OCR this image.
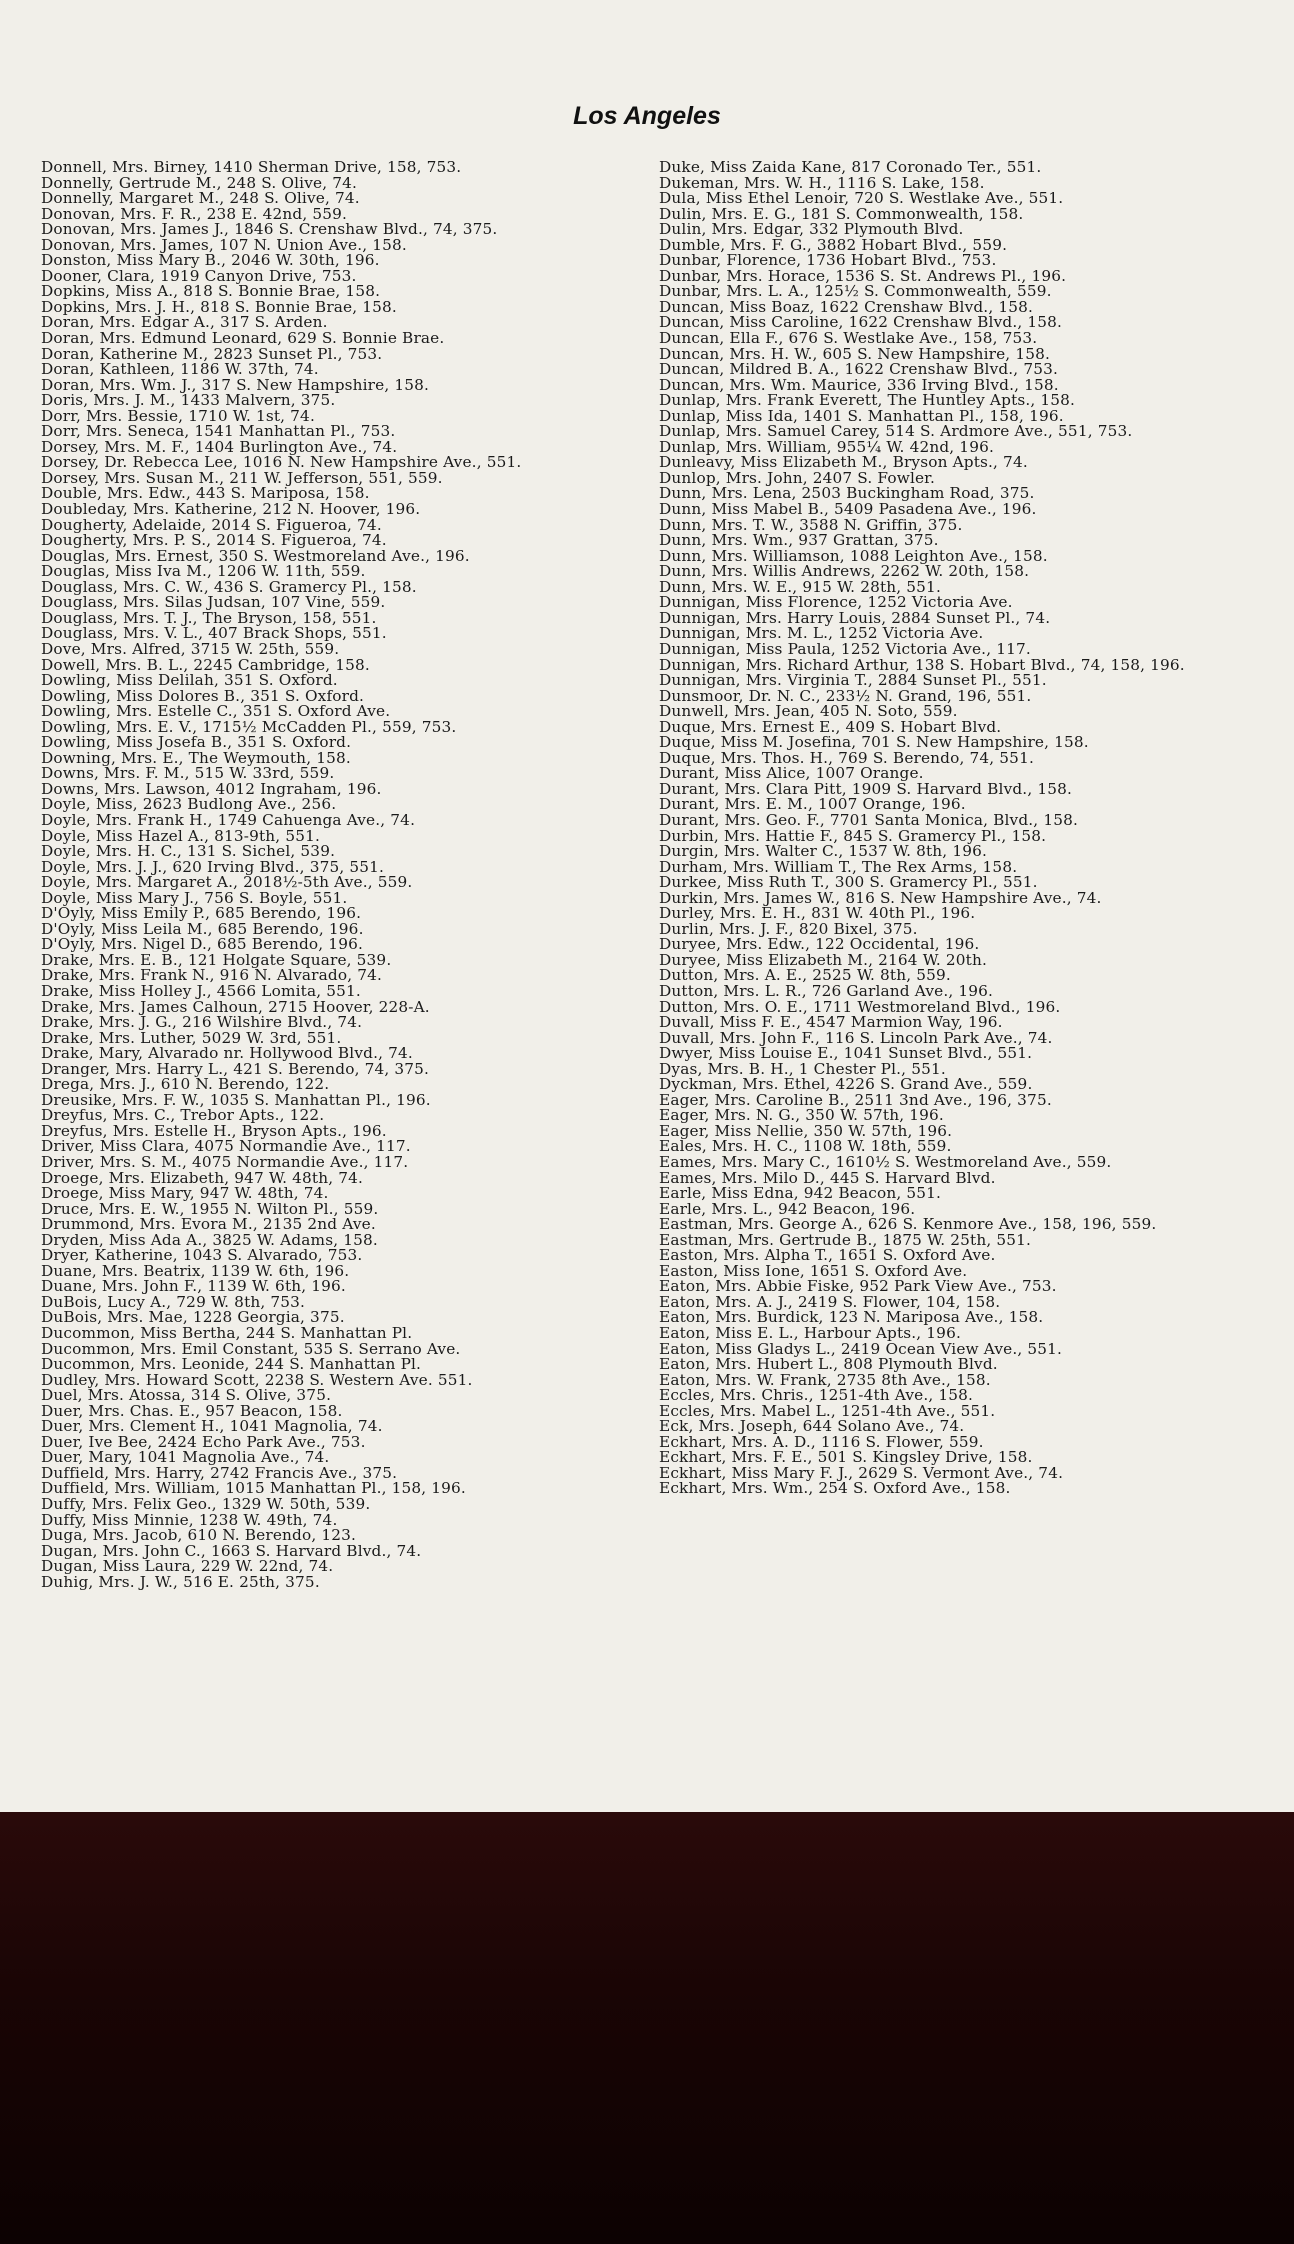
Los Angeles
Donnell, Mrs. Birney, 1410 Sherman Drive, 158, 753.
Donnelly, Gertrude M., 248 S. Olive, 74.
Donnelly, Margaret M., 248 S. Olive, 74.
Donovan, Mrs. F. R., 238 E. 42nd, 559.
Donovan, Mrs. James J., 1846 S. Crenshaw Blvd., 74, 375.
Donovan, Mrs. James, 107 N. Union Ave., 158.
Donston, Miss Mary B., 2046 W. 30th, 196.
Dooner, Clara, 1919 Canyon Drive, 753.
Dopkins, Miss A., 818 S. Bonnie Brae, 158.
Dopkins, Mrs. J. H., 818 S. Bonnie Brae, 158.
Doran, Mrs. Edgar A., 317 S. Arden.
Doran, Mrs. Edmund Leonard, 629 S. Bonnie Brae.
Doran, Katherine M., 2823 Sunset Pl., 753.
Doran, Kathleen, 1186 W. 37th, 74.
Doran, Mrs. Wm. J., 317 S. New Hampshire, 158.
Doris, Mrs. J. M., 1433 Malvern, 375.
Dorr, Mrs. Bessie, 1710 W. 1st, 74.
Dorr, Mrs. Seneca, 1541 Manhattan Pl., 753.
Dorsey, Mrs. M. F., 1404 Burlington Ave., 74.
Dorsey, Dr. Rebecca Lee, 1016 N. New Hampshire Ave., 551.
Dorsey, Mrs. Susan M., 211 W. Jefferson, 551, 559.
Double, Mrs. Edw., 443 S. Mariposa, 158.
Doubleday, Mrs. Katherine, 212 N. Hoover, 196.
Dougherty, Adelaide, 2014 S. Figueroa, 74.
Dougherty, Mrs. P. S., 2014 S. Figueroa, 74.
Douglas, Mrs. Ernest, 350 S. Westmoreland Ave., 196.
Douglas, Miss Iva M., 1206 W. 11th, 559.
Douglass, Mrs. C. W., 436 S. Gramercy Pl., 158.
Douglass, Mrs. Silas Judsan, 107 Vine, 559.
Douglass, Mrs. T. J., The Bryson, 158, 551.
Douglass, Mrs. V. L., 407 Brack Shops, 551.
Dove, Mrs. Alfred, 3715 W. 25th, 559.
Dowell, Mrs. B. L., 2245 Cambridge, 158.
Dowling, Miss Delilah, 351 S. Oxford.
Dowling, Miss Dolores B., 351 S. Oxford.
Dowling, Mrs. Estelle C., 351 S. Oxford Ave.
Dowling, Mrs. E. V., 1715½ McCadden Pl., 559, 753.
Dowling, Miss Josefa B., 351 S. Oxford.
Downing, Mrs. E., The Weymouth, 158.
Downs, Mrs. F. M., 515 W. 33rd, 559.
Downs, Mrs. Lawson, 4012 Ingraham, 196.
Doyle, Miss, 2623 Budlong Ave., 256.
Doyle, Mrs. Frank H., 1749 Cahuenga Ave., 74.
Doyle, Miss Hazel A., 813-9th, 551.
Doyle, Mrs. H. C., 131 S. Sichel, 539.
Doyle, Mrs. J. J., 620 Irving Blvd., 375, 551.
Doyle, Mrs. Margaret A., 2018½-5th Ave., 559.
Doyle, Miss Mary J., 756 S. Boyle, 551.
D'Oyly, Miss Emily P., 685 Berendo, 196.
D'Oyly, Miss Leila M., 685 Berendo, 196.
D'Oyly, Mrs. Nigel D., 685 Berendo, 196.
Drake, Mrs. E. B., 121 Holgate Square, 539.
Drake, Mrs. Frank N., 916 N. Alvarado, 74.
Drake, Miss Holley J., 4566 Lomita, 551.
Drake, Mrs. James Calhoun, 2715 Hoover, 228-A.
Drake, Mrs. J. G., 216 Wilshire Blvd., 74.
Drake, Mrs. Luther, 5029 W. 3rd, 551.
Drake, Mary, Alvarado nr. Hollywood Blvd., 74.
Dranger, Mrs. Harry L., 421 S. Berendo, 74, 375.
Drega, Mrs. J., 610 N. Berendo, 122.
Dreusike, Mrs. F. W., 1035 S. Manhattan Pl., 196.
Dreyfus, Mrs. C., Trebor Apts., 122.
Dreyfus, Mrs. Estelle H., Bryson Apts., 196.
Driver, Miss Clara, 4075 Normandie Ave., 117.
Driver, Mrs. S. M., 4075 Normandie Ave., 117.
Droege, Mrs. Elizabeth, 947 W. 48th, 74.
Droege, Miss Mary, 947 W. 48th, 74.
Druce, Mrs. E. W., 1955 N. Wilton Pl., 559.
Drummond, Mrs. Evora M., 2135 2nd Ave.
Dryden, Miss Ada A., 3825 W. Adams, 158.
Dryer, Katherine, 1043 S. Alvarado, 753.
Duane, Mrs. Beatrix, 1139 W. 6th, 196.
Duane, Mrs. John F., 1139 W. 6th, 196.
DuBois, Lucy A., 729 W. 8th, 753.
DuBois, Mrs. Mae, 1228 Georgia, 375.
Ducommon, Miss Bertha, 244 S. Manhattan Pl.
Ducommon, Mrs. Emil Constant, 535 S. Serrano Ave.
Ducommon, Mrs. Leonide, 244 S. Manhattan Pl.
Dudley, Mrs. Howard Scott, 2238 S. Western Ave. 551.
Duel, Mrs. Atossa, 314 S. Olive, 375.
Duer, Mrs. Chas. E., 957 Beacon, 158.
Duer, Mrs. Clement H., 1041 Magnolia, 74.
Duer, Ive Bee, 2424 Echo Park Ave., 753.
Duer, Mary, 1041 Magnolia Ave., 74.
Duffield, Mrs. Harry, 2742 Francis Ave., 375.
Duffield, Mrs. William, 1015 Manhattan Pl., 158, 196.
Duffy, Mrs. Felix Geo., 1329 W. 50th, 539.
Duffy, Miss Minnie, 1238 W. 49th, 74.
Duga, Mrs. Jacob, 610 N. Berendo, 123.
Dugan, Mrs. John C., 1663 S. Harvard Blvd., 74.
Dugan, Miss Laura, 229 W. 22nd, 74.
Duhig, Mrs. J. W., 516 E. 25th, 375.
Duke, Miss Zaida Kane, 817 Coronado Ter., 551.
Dukeman, Mrs. W. H., 1116 S. Lake, 158.
Dula, Miss Ethel Lenoir, 720 S. Westlake Ave., 551.
Dulin, Mrs. E. G., 181 S. Commonwealth, 158.
Dulin, Mrs. Edgar, 332 Plymouth Blvd.
Dumble, Mrs. F. G., 3882 Hobart Blvd., 559.
Dunbar, Florence, 1736 Hobart Blvd., 753.
Dunbar, Mrs. Horace, 1536 S. St. Andrews Pl., 196.
Dunbar, Mrs. L. A., 125½ S. Commonwealth, 559.
Duncan, Miss Boaz, 1622 Crenshaw Blvd., 158.
Duncan, Miss Caroline, 1622 Crenshaw Blvd., 158.
Duncan, Ella F., 676 S. Westlake Ave., 158, 753.
Duncan, Mrs. H. W., 605 S. New Hampshire, 158.
Duncan, Mildred B. A., 1622 Crenshaw Blvd., 753.
Duncan, Mrs. Wm. Maurice, 336 Irving Blvd., 158.
Dunlap, Mrs. Frank Everett, The Huntley Apts., 158.
Dunlap, Miss Ida, 1401 S. Manhattan Pl., 158, 196.
Dunlap, Mrs. Samuel Carey, 514 S. Ardmore Ave., 551, 753.
Dunlap, Mrs. William, 955¼ W. 42nd, 196.
Dunleavy, Miss Elizabeth M., Bryson Apts., 74.
Dunlop, Mrs. John, 2407 S. Fowler.
Dunn, Mrs. Lena, 2503 Buckingham Road, 375.
Dunn, Miss Mabel B., 5409 Pasadena Ave., 196.
Dunn, Mrs. T. W., 3588 N. Griffin, 375.
Dunn, Mrs. Wm., 937 Grattan, 375.
Dunn, Mrs. Williamson, 1088 Leighton Ave., 158.
Dunn, Mrs. Willis Andrews, 2262 W. 20th, 158.
Dunn, Mrs. W. E., 915 W. 28th, 551.
Dunnigan, Miss Florence, 1252 Victoria Ave.
Dunnigan, Mrs. Harry Louis, 2884 Sunset Pl., 74.
Dunnigan, Mrs. M. L., 1252 Victoria Ave.
Dunnigan, Miss Paula, 1252 Victoria Ave., 117.
Dunnigan, Mrs. Richard Arthur, 138 S. Hobart Blvd., 74, 158, 196.
Dunnigan, Mrs. Virginia T., 2884 Sunset Pl., 551.
Dunsmoor, Dr. N. C., 233½ N. Grand, 196, 551.
Dunwell, Mrs. Jean, 405 N. Soto, 559.
Duque, Mrs. Ernest E., 409 S. Hobart Blvd.
Duque, Miss M. Josefina, 701 S. New Hampshire, 158.
Duque, Mrs. Thos. H., 769 S. Berendo, 74, 551.
Durant, Miss Alice, 1007 Orange.
Durant, Mrs. Clara Pitt, 1909 S. Harvard Blvd., 158.
Durant, Mrs. E. M., 1007 Orange, 196.
Durant, Mrs. Geo. F., 7701 Santa Monica, Blvd., 158.
Durbin, Mrs. Hattie F., 845 S. Gramercy Pl., 158.
Durgin, Mrs. Walter C., 1537 W. 8th, 196.
Durham, Mrs. William T., The Rex Arms, 158.
Durkee, Miss Ruth T., 300 S. Gramercy Pl., 551.
Durkin, Mrs. James W., 816 S. New Hampshire Ave., 74.
Durley, Mrs. E. H., 831 W. 40th Pl., 196.
Durlin, Mrs. J. F., 820 Bixel, 375.
Duryee, Mrs. Edw., 122 Occidental, 196.
Duryee, Miss Elizabeth M., 2164 W. 20th.
Dutton, Mrs. A. E., 2525 W. 8th, 559.
Dutton, Mrs. L. R., 726 Garland Ave., 196.
Dutton, Mrs. O. E., 1711 Westmoreland Blvd., 196.
Duvall, Miss F. E., 4547 Marmion Way, 196.
Duvall, Mrs. John F., 116 S. Lincoln Park Ave., 74.
Dwyer, Miss Louise E., 1041 Sunset Blvd., 551.
Dyas, Mrs. B. H., 1 Chester Pl., 551.
Dyckman, Mrs. Ethel, 4226 S. Grand Ave., 559.
Eager, Mrs. Caroline B., 2511 3nd Ave., 196, 375.
Eager, Mrs. N. G., 350 W. 57th, 196.
Eager, Miss Nellie, 350 W. 57th, 196.
Eales, Mrs. H. C., 1108 W. 18th, 559.
Eames, Mrs. Mary C., 1610½ S. Westmoreland Ave., 559.
Eames, Mrs. Milo D., 445 S. Harvard Blvd.
Earle, Miss Edna, 942 Beacon, 551.
Earle, Mrs. L., 942 Beacon, 196.
Eastman, Mrs. George A., 626 S. Kenmore Ave., 158, 196, 559.
Eastman, Mrs. Gertrude B., 1875 W. 25th, 551.
Easton, Mrs. Alpha T., 1651 S. Oxford Ave.
Easton, Miss Ione, 1651 S. Oxford Ave.
Eaton, Mrs. Abbie Fiske, 952 Park View Ave., 753.
Eaton, Mrs. A. J., 2419 S. Flower, 104, 158.
Eaton, Mrs. Burdick, 123 N. Mariposa Ave., 158.
Eaton, Miss E. L., Harbour Apts., 196.
Eaton, Miss Gladys L., 2419 Ocean View Ave., 551.
Eaton, Mrs. Hubert L., 808 Plymouth Blvd.
Eaton, Mrs. W. Frank, 2735 8th Ave., 158.
Eccles, Mrs. Chris., 1251-4th Ave., 158.
Eccles, Mrs. Mabel L., 1251-4th Ave., 551.
Eck, Mrs. Joseph, 644 Solano Ave., 74.
Eckhart, Mrs. A. D., 1116 S. Flower, 559.
Eckhart, Mrs. F. E., 501 S. Kingsley Drive, 158.
Eckhart, Miss Mary F. J., 2629 S. Vermont Ave., 74.
Eckhart, Mrs. Wm., 254 S. Oxford Ave., 158.
